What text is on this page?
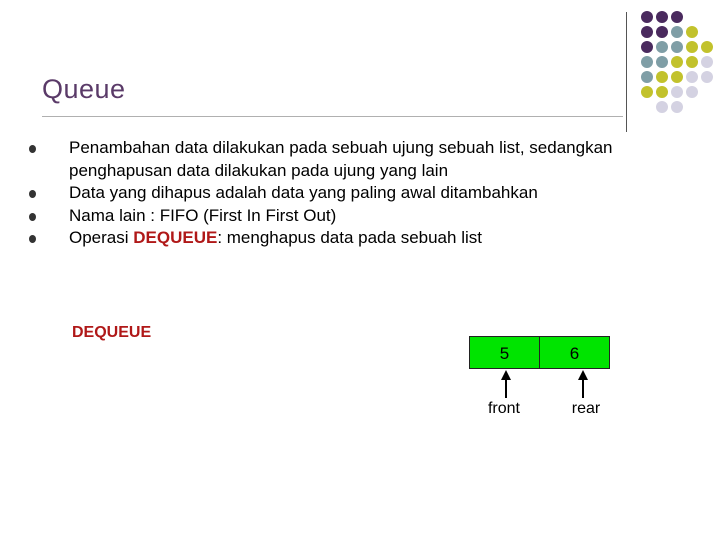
Queue
Penambahan data dilakukan pada sebuah ujung sebuah list, sedangkan penghapusan data dilakukan pada ujung yang lain
Data yang dihapus adalah data yang paling awal ditambahkan
Nama lain : FIFO (First In First Out)
Operasi DEQUEUE: menghapus data pada sebuah list
DEQUEUE
5	6
front	rear
